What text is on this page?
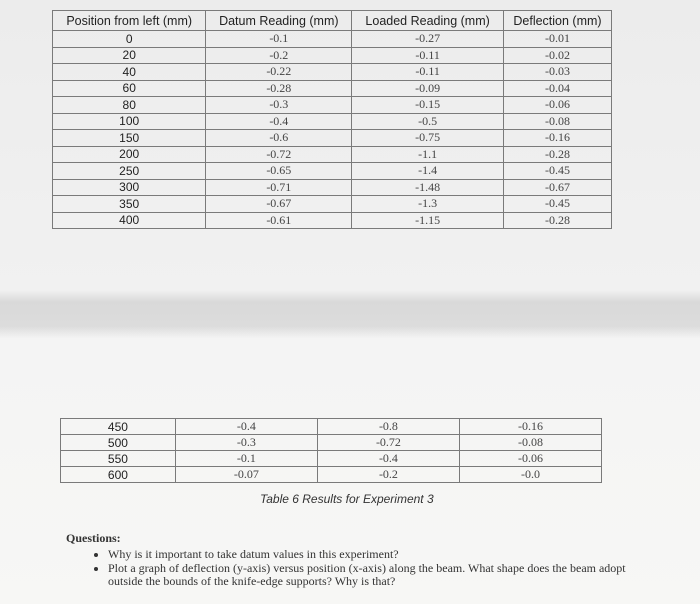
Position from left (mm)	Datum Reading (mm)	Loaded Reading (mm)	Deflection (mm)
0	-0.1	-0.27	-0.01
20	-0.2	-0.11	-0.02
40	-0.22	-0.11	-0.03
60	-0.28	-0.09	-0.04
80	-0.3	-0.15	-0.06
100	-0.4	-0.5	-0.08
150	-0.6	-0.75	-0.16
200	-0.72	-1.1	-0.28
250	-0.65	-1.4	-0.45
300	-0.71	-1.48	-0.67
350	-0.67	-1.3	-0.45
400	-0.61	-1.15	-0.28
450	-0.4	-0.8	-0.16
500	-0.3	-0.72	-0.08
550	-0.1	-0.4	-0.06
600	-0.07	-0.2	-0.0
Table 6 Results for Experiment 3
Questions:
• Why is it important to take datum values in this experiment?
• Plot a graph of deflection (y-axis) versus position (x-axis) along the beam. What shape does the beam adopt outside the bounds of the knife-edge supports? Why is that?
